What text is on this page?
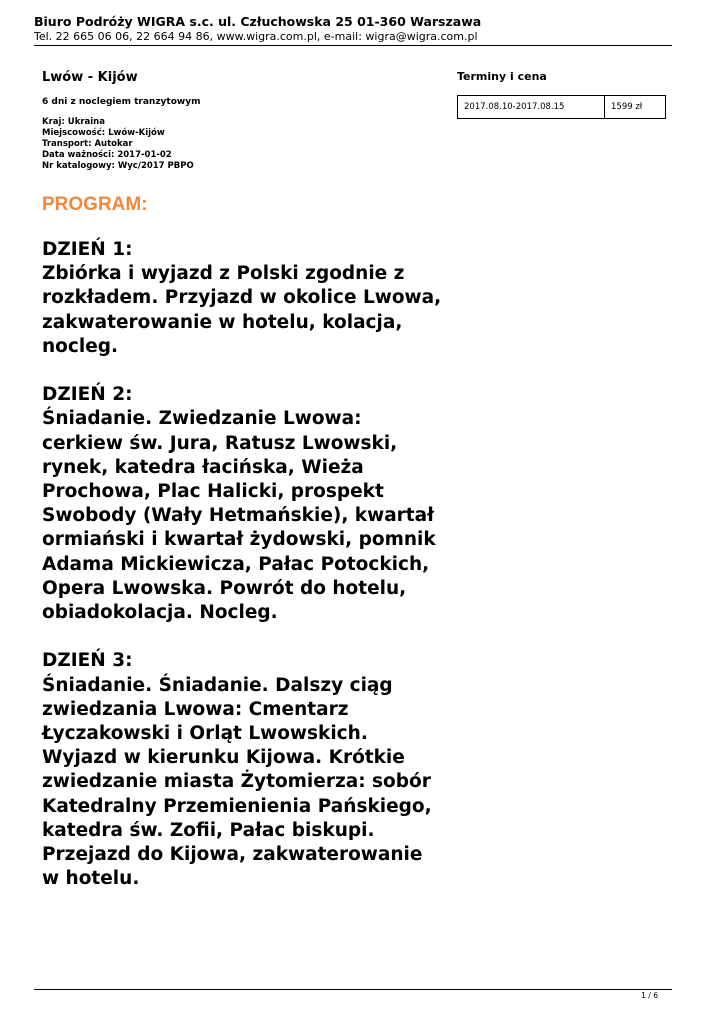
Biuro Podróży WIGRA s.c. ul. Człuchowska 25 01-360 Warszawa
Tel. 22 665 06 06, 22 664 94 86, www.wigra.com.pl, e-mail: wigra@wigra.com.pl
Lwów - Kijów
6 dni z noclegiem tranzytowym
Kraj: Ukraina
Miejscowość: Lwów-Kijów
Transport: Autokar
Data ważności: 2017-01-02
Nr katalogowy: Wyc/2017 PBPO
PROGRAM:
DZIEŃ 1:
Zbiórka i wyjazd z Polski zgodnie z rozkładem. Przyjazd w okolice Lwowa, zakwaterowanie w hotelu, kolacja, nocleg.
DZIEŃ 2:
Śniadanie. Zwiedzanie Lwowa: cerkiew św. Jura, Ratusz Lwowski, rynek, katedra łacińska, Wieża Prochowa, Plac Halicki, prospekt Swobody (Wały Hetmańskie), kwartał ormiański i kwartał żydowski, pomnik Adama Mickiewicza, Pałac Potockich, Opera Lwowska. Powrót do hotelu, obiadokolacja. Nocleg.
DZIEŃ 3:
Śniadanie. Śniadanie. Dalszy ciąg zwiedzania Lwowa: Cmentarz Łyczakowski i Orląt Lwowskich. Wyjazd w kierunku Kijowa. Krótkie zwiedzanie miasta Żytomierza: sobór Katedralny Przemienienia Pańskiego, katedra św. Zofii, Pałac biskupi. Przejazd do Kijowa, zakwaterowanie w hotelu.
Terminy i cena
2017.08.10-2017.08.15	1599 zł
1 / 6
